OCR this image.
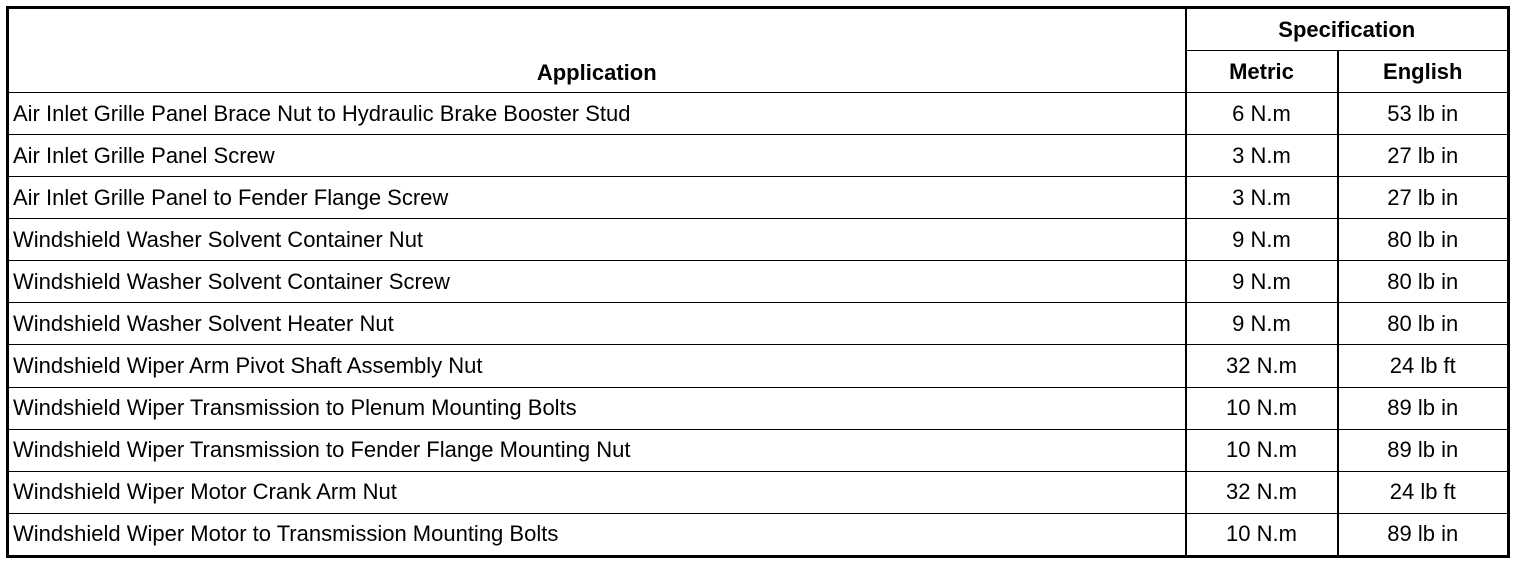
Application	Specification	
	Metric	English
Air Inlet Grille Panel Brace Nut to Hydraulic Brake Booster Stud	6 N.m	53 lb in
Air Inlet Grille Panel Screw	3 N.m	27 lb in
Air Inlet Grille Panel to Fender Flange Screw	3 N.m	27 lb in
Windshield Washer Solvent Container Nut	9 N.m	80 lb in
Windshield Washer Solvent Container Screw	9 N.m	80 lb in
Windshield Washer Solvent Heater Nut	9 N.m	80 lb in
Windshield Wiper Arm Pivot Shaft Assembly Nut	32 N.m	24 lb ft
Windshield Wiper Transmission to Plenum Mounting Bolts	10 N.m	89 lb in
Windshield Wiper Transmission to Fender Flange Mounting Nut	10 N.m	89 lb in
Windshield Wiper Motor Crank Arm Nut	32 N.m	24 lb ft
Windshield Wiper Motor to Transmission Mounting Bolts	10 N.m	89 lb in
